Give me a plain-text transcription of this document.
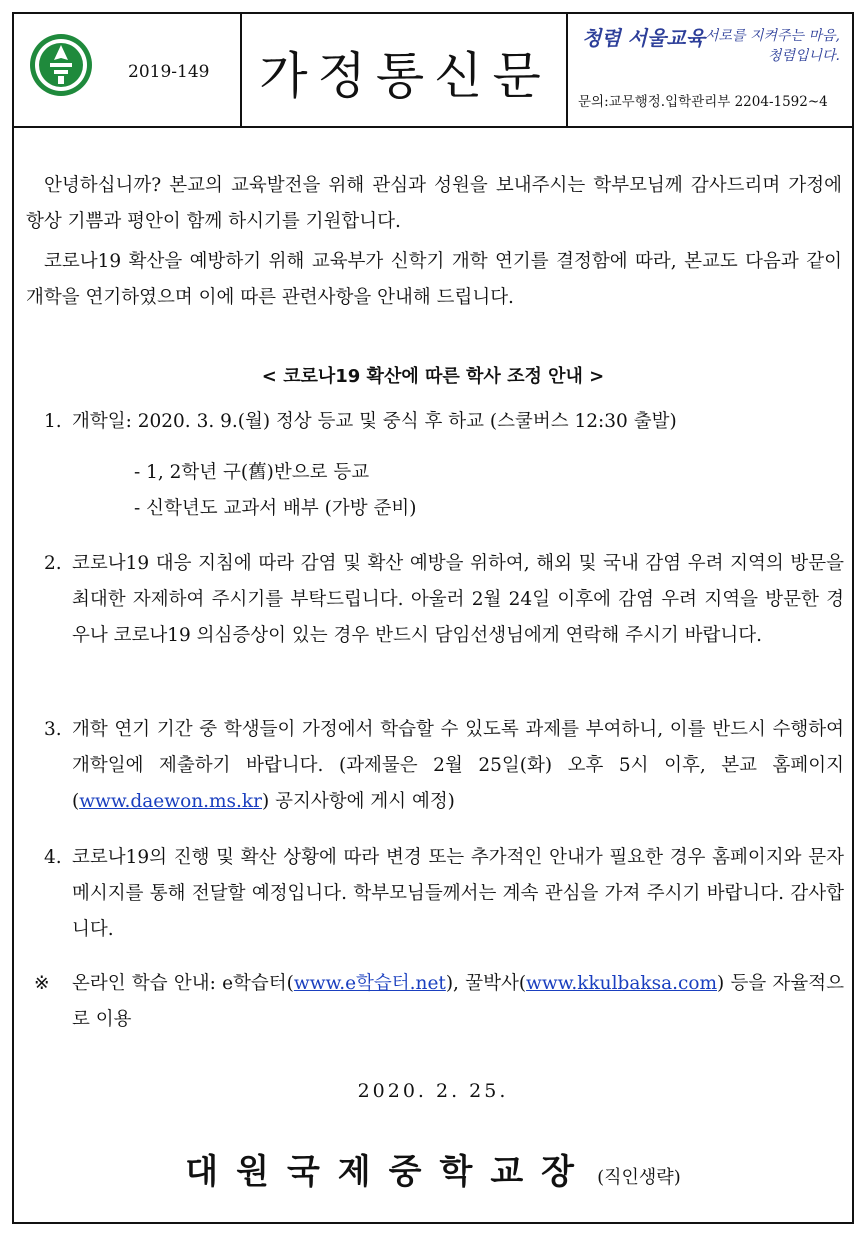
2019-149 가정통신문
청렴 서울교육 서로를 지켜주는 마음,
청렴입니다.
문의:교무행정.입학관리부 2204-1592~4
안녕하십니까? 본교의 교육발전을 위해 관심과 성원을 보내주시는 학부모님께 감사드리며 가정에 항상 기쁨과 평안이 함께 하시기를 기원합니다.
코로나19 확산을 예방하기 위해 교육부가 신학기 개학 연기를 결정함에 따라, 본교도 다음과 같이 개학을 연기하였으며 이에 따른 관련사항을 안내해 드립니다.
< 코로나19 확산에 따른 학사 조정 안내 >
1. 개학일: 2020. 3. 9.(월) 정상 등교 및 중식 후 하교 (스쿨버스 12:30 출발)
- 1, 2학년 구(舊)반으로 등교
- 신학년도 교과서 배부 (가방 준비)
2. 코로나19 대응 지침에 따라 감염 및 확산 예방을 위하여, 해외 및 국내 감염 우려 지역의 방문을 최대한 자제하여 주시기를 부탁드립니다. 아울러 2월 24일 이후에 감염 우려 지역을 방문한 경우나 코로나19 의심증상이 있는 경우 반드시 담임선생님에게 연락해 주시기 바랍니다.
3. 개학 연기 기간 중 학생들이 가정에서 학습할 수 있도록 과제를 부여하니, 이를 반드시 수행하여 개학일에 제출하기 바랍니다. (과제물은 2월 25일(화) 오후 5시 이후, 본교 홈페이지(www.daewon.ms.kr) 공지사항에 게시 예정)
4. 코로나19의 진행 및 확산 상황에 따라 변경 또는 추가적인 안내가 필요한 경우 홈페이지와 문자메시지를 통해 전달할 예정입니다. 학부모님들께서는 계속 관심을 가져 주시기 바랍니다. 감사합니다.
※	온라인 학습 안내: e학습터(www.e학습터.net), 꿀박사(www.kkulbaksa.com) 등을 자율적으로 이용
2020. 2. 25.
대원국제중학교장 (직인생략)
